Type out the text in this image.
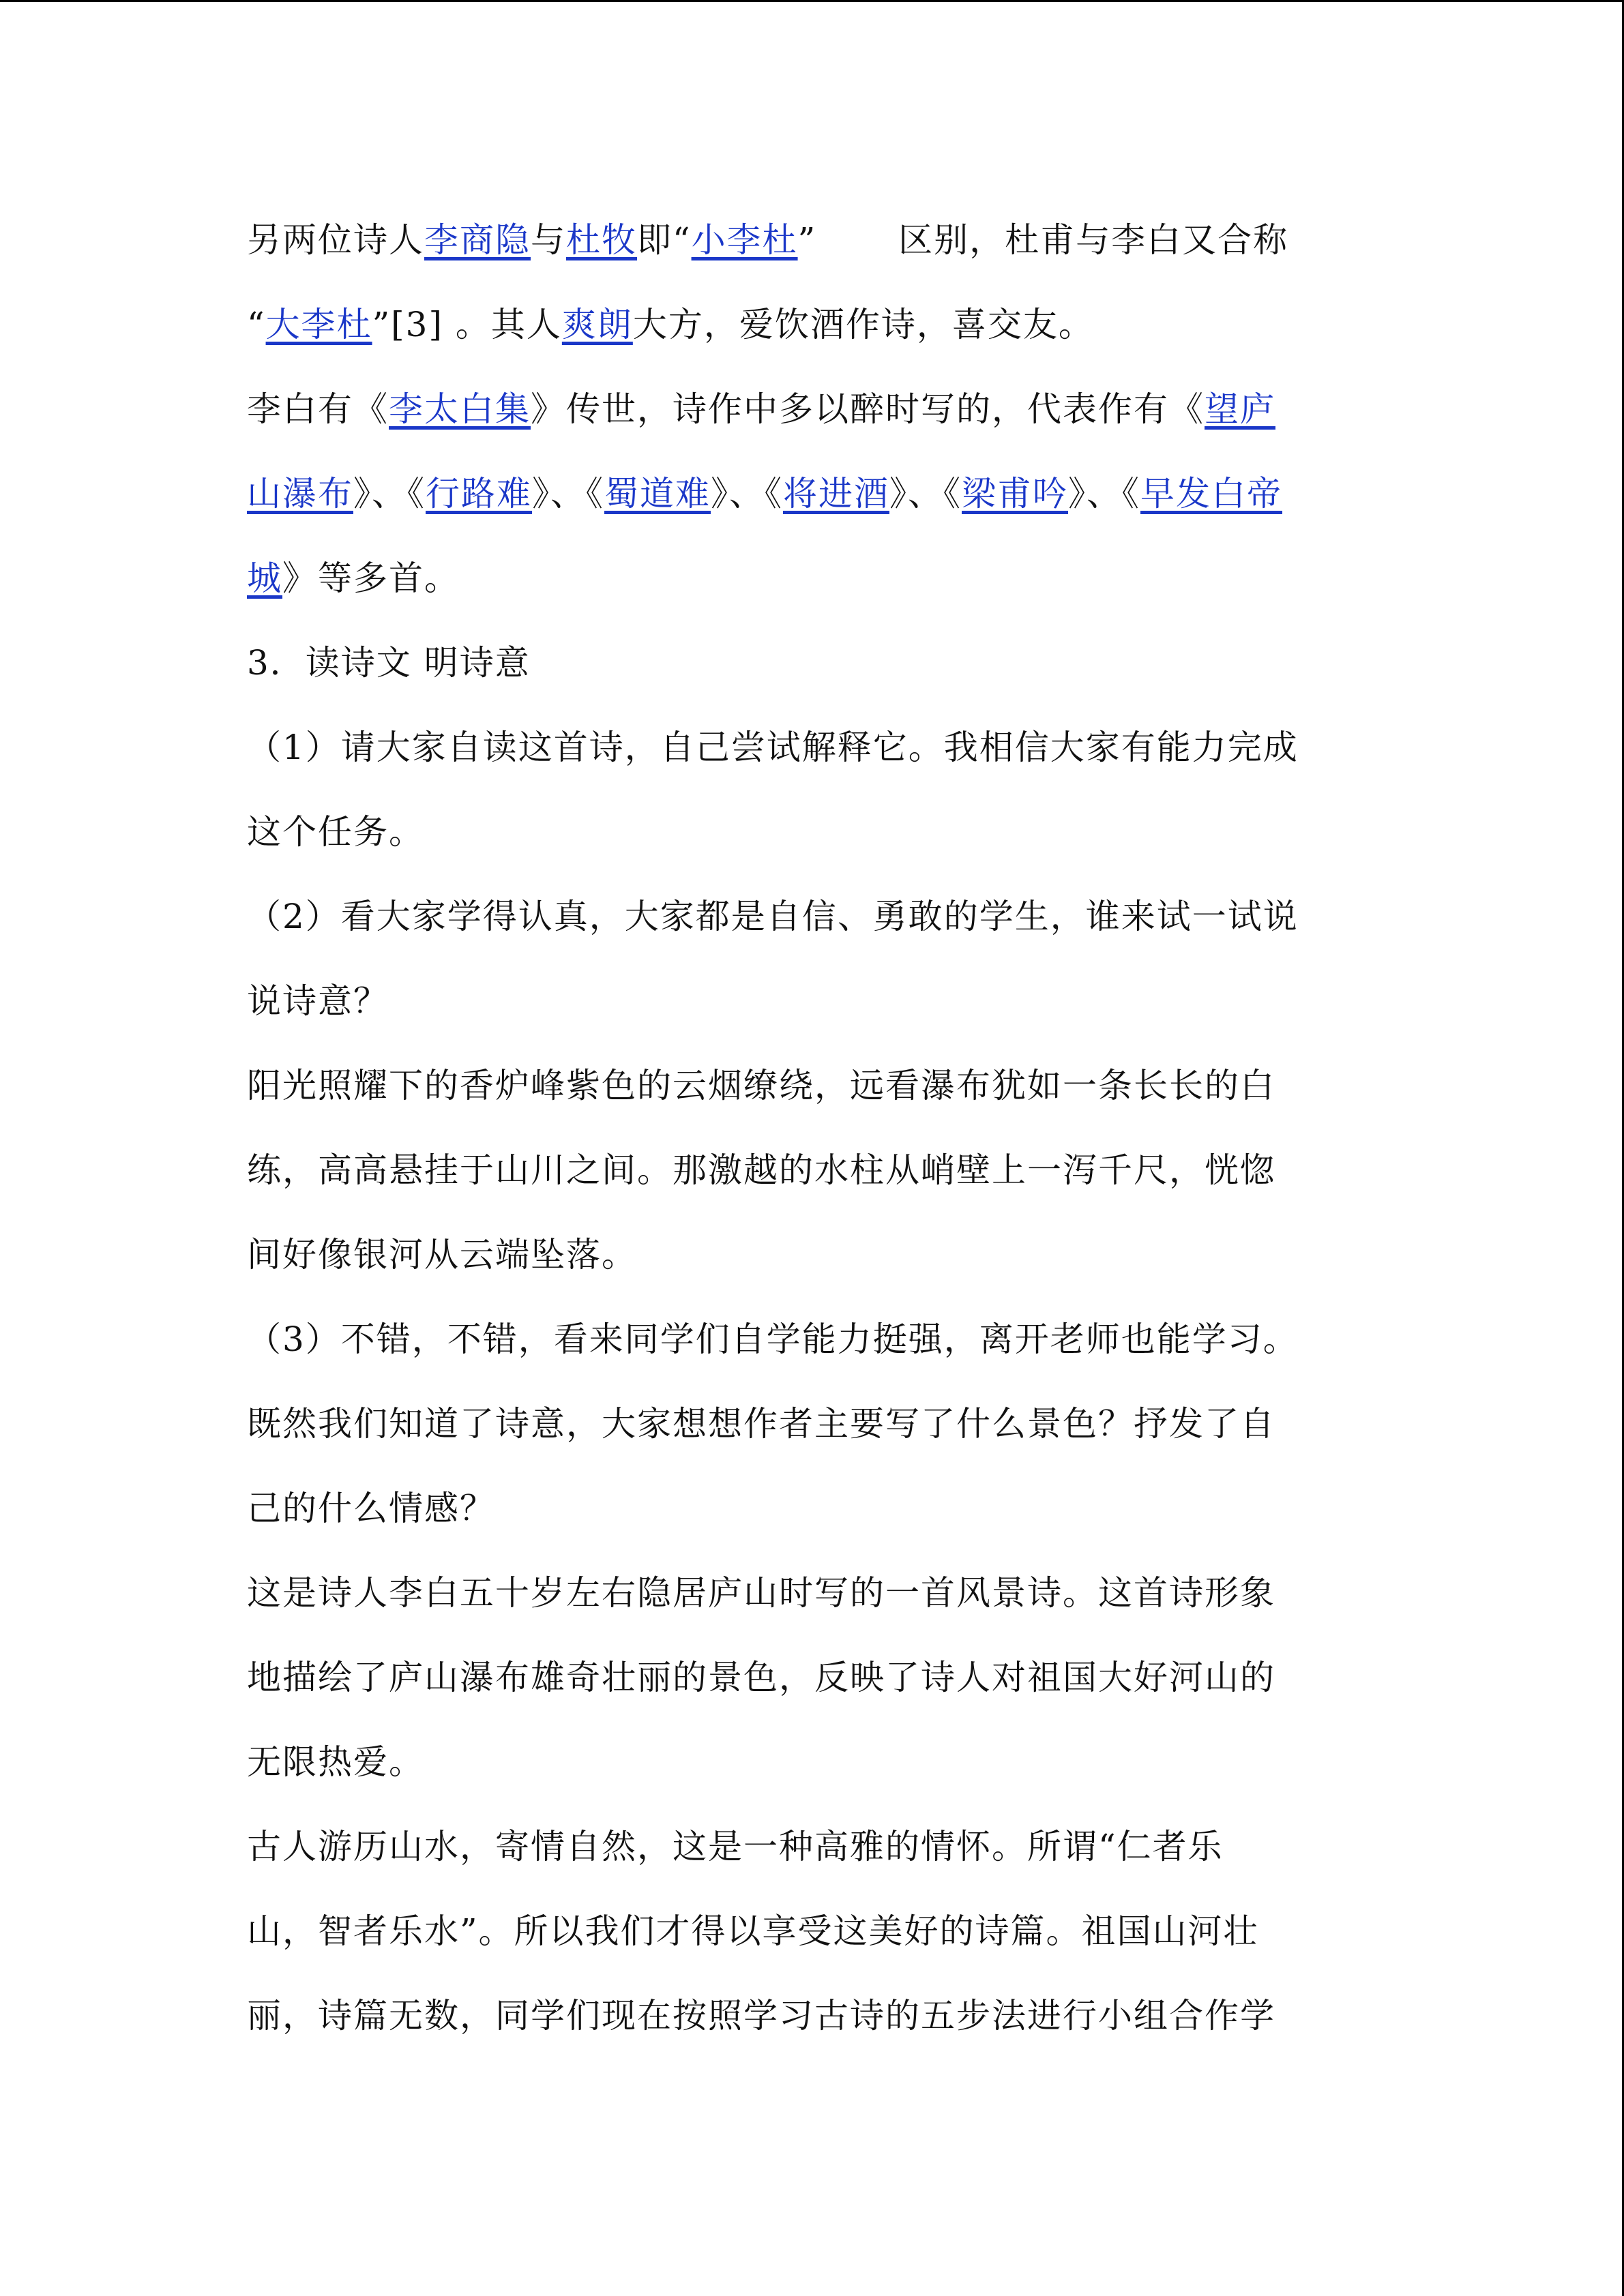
另两位诗人李商隐与杜牧即“小李杜” 区别，杜甫与李白又合称
“大李杜”[3] 。其人爽朗大方，爱饮酒作诗，喜交友。
李白有《李太白集》传世，诗作中多以醉时写的，代表作有《望庐
山瀑布》、《行路难》、《蜀道难》、《将进酒》、《梁甫吟》、《早发白帝
城》等多首。
3．读诗文 明诗意
（1）请大家自读这首诗，自己尝试解释它。我相信大家有能力完成
这个任务。
（2）看大家学得认真，大家都是自信、勇敢的学生，谁来试一试说
说诗意？
阳光照耀下的香炉峰紫色的云烟缭绕，远看瀑布犹如一条长长的白
练，高高悬挂于山川之间。那激越的水柱从峭壁上一泻千尺，恍惚
间好像银河从云端坠落。
（3）不错，不错，看来同学们自学能力挺强，离开老师也能学习。
既然我们知道了诗意，大家想想作者主要写了什么景色？抒发了自
己的什么情感？
这是诗人李白五十岁左右隐居庐山时写的一首风景诗。这首诗形象
地描绘了庐山瀑布雄奇壮丽的景色，反映了诗人对祖国大好河山的
无限热爱。
古人游历山水，寄情自然，这是一种高雅的情怀。所谓“仁者乐
山，智者乐水”。所以我们才得以享受这美好的诗篇。祖国山河壮
丽，诗篇无数，同学们现在按照学习古诗的五步法进行小组合作学
